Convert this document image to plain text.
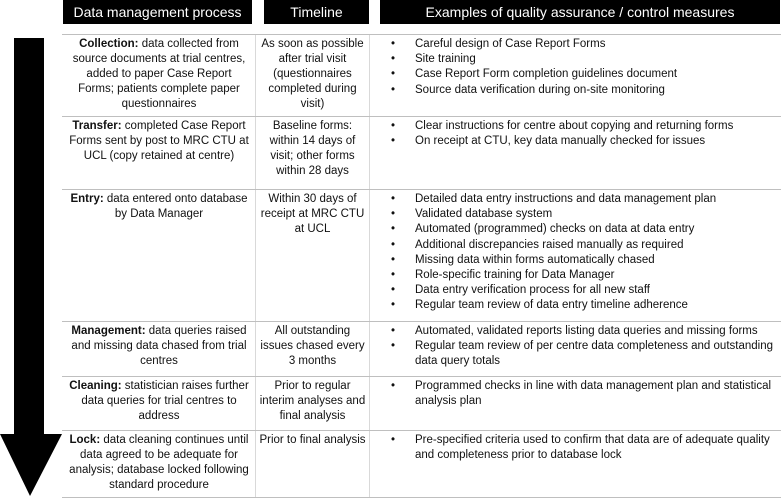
Data management process	Timeline	Examples of quality assurance / control measures
Collection: data collected from source documents at trial centres, added to paper Case Report Forms; patients complete paper questionnaires
As soon as possible after trial visit (questionnaires completed during visit)
• Careful design of Case Report Forms
• Site training
• Case Report Form completion guidelines document
• Source data verification during on-site monitoring
Transfer: completed Case Report Forms sent by post to MRC CTU at UCL (copy retained at centre)
Baseline forms: within 14 days of visit; other forms within 28 days
• Clear instructions for centre about copying and returning forms
• On receipt at CTU, key data manually checked for issues
Entry: data entered onto database by Data Manager
Within 30 days of receipt at MRC CTU at UCL
• Detailed data entry instructions and data management plan
• Validated database system
• Automated (programmed) checks on data at data entry
• Additional discrepancies raised manually as required
• Missing data within forms automatically chased
• Role-specific training for Data Manager
• Data entry verification process for all new staff
• Regular team review of data entry timeline adherence
Management: data queries raised and missing data chased from trial centres
All outstanding issues chased every 3 months
• Automated, validated reports listing data queries and missing forms
• Regular team review of per centre data completeness and outstanding data query totals
Cleaning: statistician raises further data queries for trial centres to address
Prior to regular interim analyses and final analysis
• Programmed checks in line with data management plan and statistical analysis plan
Lock: data cleaning continues until data agreed to be adequate for analysis; database locked following standard procedure
Prior to final analysis
•	Pre-specified criteria used to confirm that data are of adequate quality and completeness prior to database lock
